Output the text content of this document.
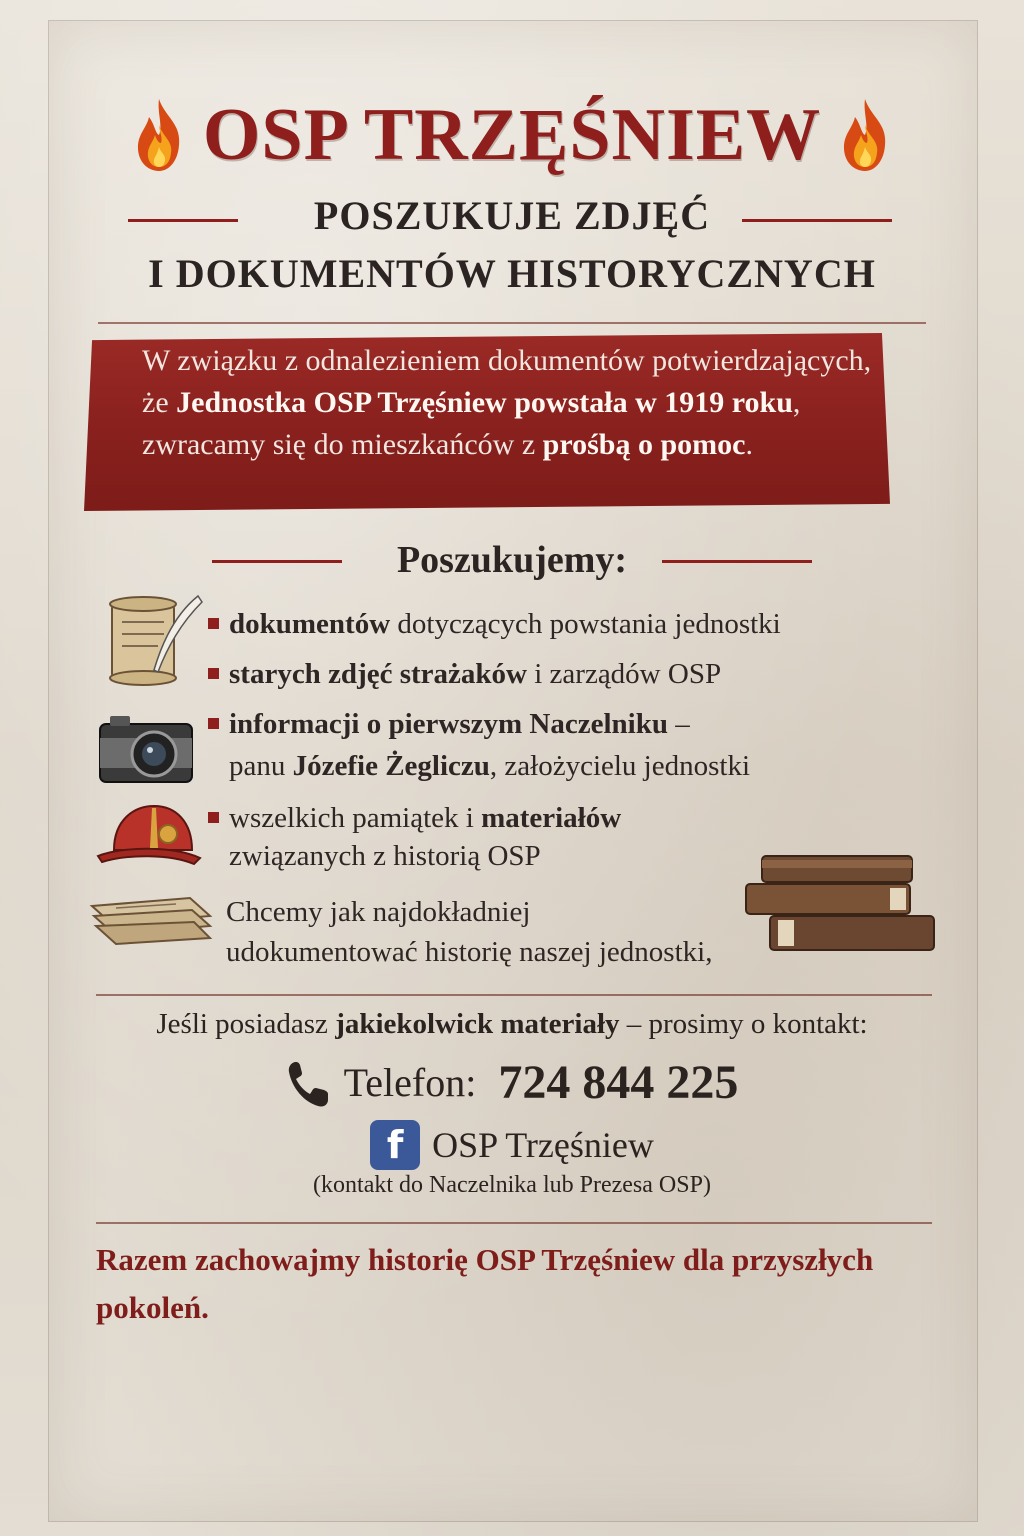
OSP TRZĘŚNIEW
POSZUKUJE ZDJĘĆ
I DOKUMENTÓW HISTORYCZNYCH
W związku z odnalezieniem dokumentów potwierdzających, że Jednostka OSP Trzęśniew powstała w 1919 roku, zwracamy się do mieszkańców z prośbą o pomoc.
Poszukujemy:
dokumentów dotyczących powstania jednostki
starych zdjęć strażaków i zarządów OSP
informacji o pierwszym Naczelniku –
panu Józefie Żegliczu, założycielu jednostki
wszelkich pamiątek i materiałów
związanych z historią OSP
Chcemy jak najdokładniej
udokumentować historię naszej jednostki,
Jeśli posiadasz jakiekolwick materiały – prosimy o kontakt:
Telefon: 724 844 225
f OSP Trzęśniew
(kontakt do Naczelnika lub Prezesa OSP)
Razem zachowajmy historię OSP Trzęśniew dla przyszłych pokoleń.
